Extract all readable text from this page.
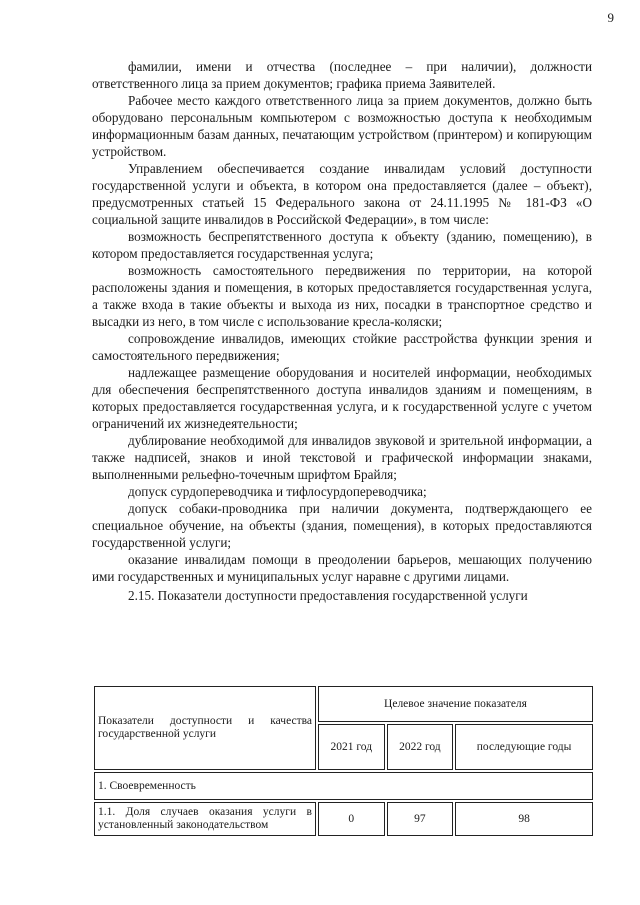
9

фамилии, имени и отчества (последнее – при наличии), должности ответственного лица за прием документов; графика приема Заявителей.

Рабочее место каждого ответственного лица за прием документов, должно быть оборудовано персональным компьютером с возможностью доступа к необходимым информационным базам данных, печатающим устройством (принтером) и копирующим устройством.

Управлением обеспечивается создание инвалидам условий доступности государственной услуги и объекта, в котором она предоставляется (далее – объект), предусмотренных статьей 15 Федерального закона от 24.11.1995 № 181-ФЗ «О социальной защите инвалидов в Российской Федерации», в том числе:

возможность беспрепятственного доступа к объекту (зданию, помещению), в котором предоставляется государственная услуга;

возможность самостоятельного передвижения по территории, на которой расположены здания и помещения, в которых предоставляется государственная услуга, а также входа в такие объекты и выхода из них, посадки в транспортное средство и высадки из него, в том числе с использование кресла-коляски;

сопровождение инвалидов, имеющих стойкие расстройства функции зрения и самостоятельного передвижения;

надлежащее размещение оборудования и носителей информации, необходимых для обеспечения беспрепятственного доступа инвалидов зданиям и помещениям, в которых предоставляется государственная услуга, и к государственной услуге с учетом ограничений их жизнедеятельности;

дублирование необходимой для инвалидов звуковой и зрительной информации, а также надписей, знаков и иной текстовой и графической информации знаками, выполненными рельефно-точечным шрифтом Брайля;

допуск сурдопереводчика и тифлосурдопереводчика;

допуск собаки-проводника при наличии документа, подтверждающего ее специальное обучение, на объекты (здания, помещения), в которых предоставляются государственной услуги;

оказание инвалидам помощи в преодолении барьеров, мешающих получению ими государственных и муниципальных услуг наравне с другими лицами.

2.15. Показатели доступности предоставления государственной услуги
Показатели доступности и качества государственной услуги	Целевое значение показателя		
	2021 год	2022 год	последующие годы
1. Своевременность			
1.1. Доля случаев оказания услуги в установленный законодательством	0	97	98
